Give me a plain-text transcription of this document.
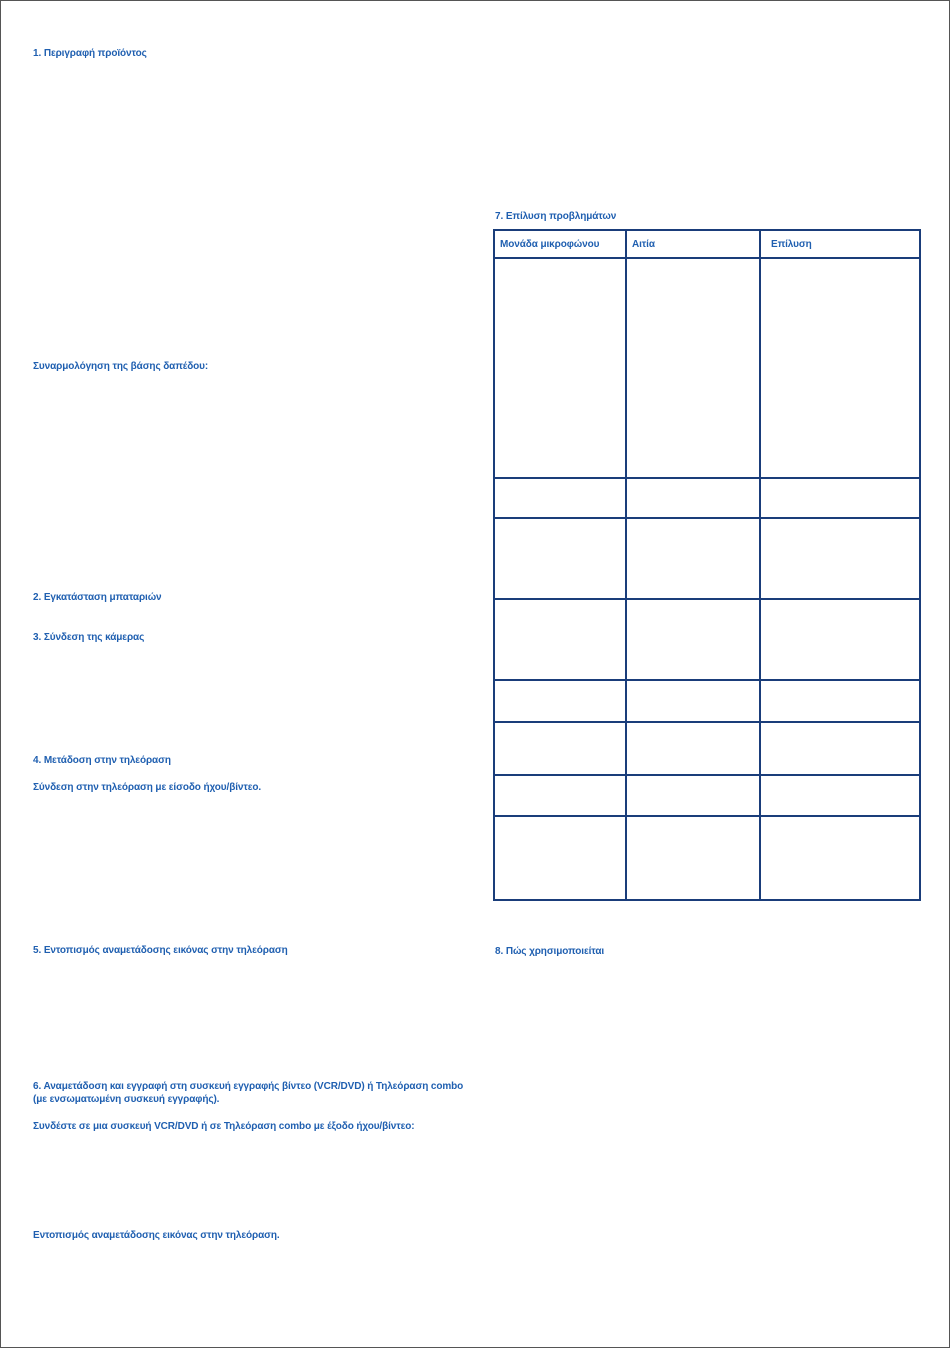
1. Περιγραφή προϊόντος

Συναρμολόγηση της βάσης δαπέδου:

2. Εγκατάσταση μπαταριών

3. Σύνδεση της κάμερας

4. Μετάδοση στην τηλεόραση

Σύνδεση στην τηλεόραση με είσοδο ήχου/βίντεο.

5. Εντοπισμός αναμετάδοσης εικόνας στην τηλεόραση

6. Αναμετάδοση και εγγραφή στη συσκευή εγγραφής βίντεο (VCR/DVD) ή Τηλεόραση combo (με ενσωματωμένη συσκευή εγγραφής).

Συνδέστε σε μια συσκευή VCR/DVD ή σε Τηλεόραση combo με έξοδο ήχου/βίντεο:

Εντοπισμός αναμετάδοσης εικόνας στην τηλεόραση.

7. Επίλυση προβλημάτων

Μονάδα μικροφώνου	Αιτία	Επίλυση

8. Πώς χρησιμοποιείται
